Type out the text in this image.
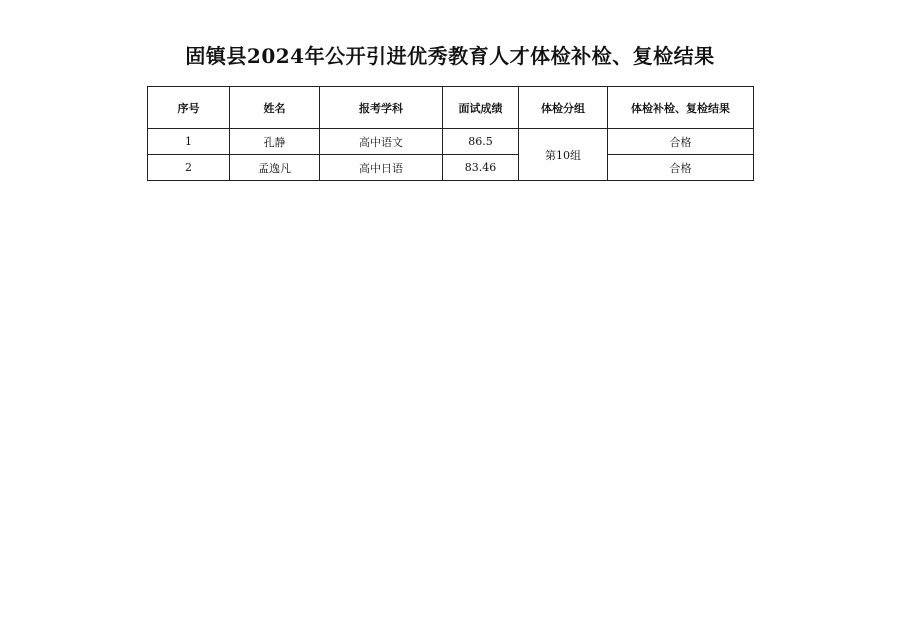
固镇县2024年公开引进优秀教育人才体检补检、复检结果
序号	姓名	报考学科	面试成绩	体检分组	体检补检、复检结果
1	孔静	高中语文	86.5	第10组	合格
2	孟逸凡	高中日语	83.46		合格
